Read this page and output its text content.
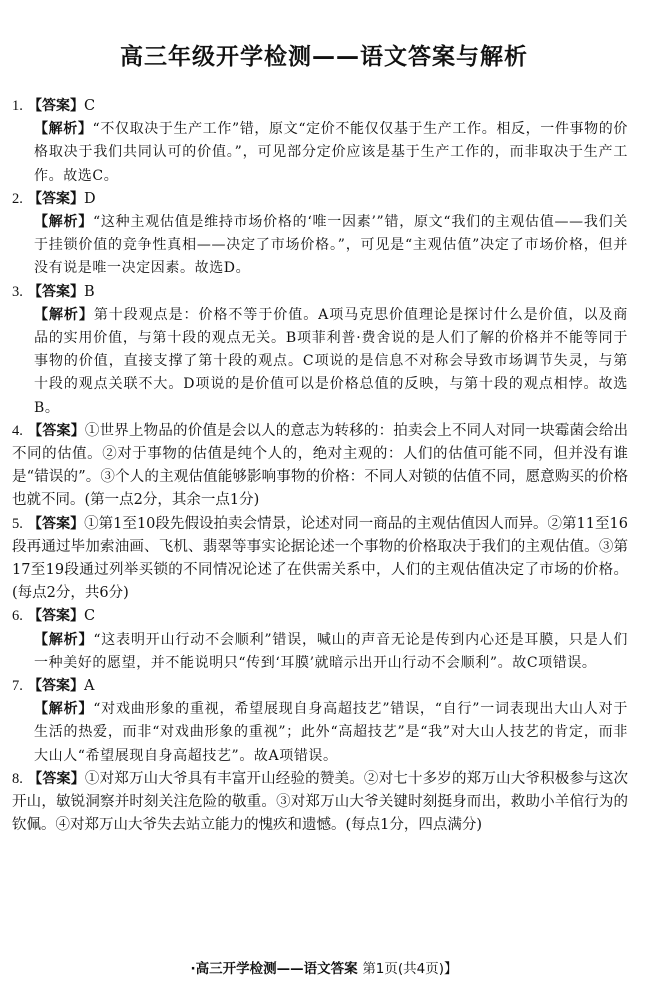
高三年级开学检测——语文答案与解析
1. 【答案】C
【解析】“不仅取决于生产工作”错，原文“定价不能仅仅基于生产工作。相反，一件事物的价格取决于我们共同认可的价值。”，可见部分定价应该是基于生产工作的，而非取决于生产工作。故选C。
2. 【答案】D
【解析】“这种主观估值是维持市场价格的‘唯一因素’”错，原文“我们的主观估值——我们关于挂锁价值的竞争性真相——决定了市场价格。”，可见是“主观估值”决定了市场价格，但并没有说是唯一决定因素。故选D。
3. 【答案】B
【解析】第十段观点是：价格不等于价值。A项马克思价值理论是探讨什么是价值，以及商品的实用价值，与第十段的观点无关。B项菲利普·费舍说的是人们了解的价格并不能等同于事物的价值，直接支撑了第十段的观点。C项说的是信息不对称会导致市场调节失灵，与第十段的观点关联不大。D项说的是价值可以是价格总值的反映，与第十段的观点相悖。故选B。
4. 【答案】①世界上物品的价值是会以人的意志为转移的：拍卖会上不同人对同一块霉菌会给出不同的估值。②对于事物的估值是纯个人的，绝对主观的：人们的估值可能不同，但并没有谁是“错误的”。③个人的主观估值能够影响事物的价格：不同人对锁的估值不同，愿意购买的价格也就不同。(第一点2分，其余一点1分)
5. 【答案】①第1至10段先假设拍卖会情景，论述对同一商品的主观估值因人而异。②第11至16段再通过毕加索油画、飞机、翡翠等事实论据论述一个事物的价格取决于我们的主观估值。③第17至19段通过列举买锁的不同情况论述了在供需关系中，人们的主观估值决定了市场的价格。(每点2分，共6分)
6. 【答案】C
【解析】“这表明开山行动不会顺利”错误，喊山的声音无论是传到内心还是耳膜，只是人们一种美好的愿望，并不能说明只“传到‘耳膜’就暗示出开山行动不会顺利”。故C项错误。
7. 【答案】A
【解析】“对戏曲形象的重视，希望展现自身高超技艺”错误，“自行”一词表现出大山人对于生活的热爱，而非“对戏曲形象的重视”；此外“高超技艺”是“我”对大山人技艺的肯定，而非大山人“希望展现自身高超技艺”。故A项错误。
8. 【答案】①对郑万山大爷具有丰富开山经验的赞美。②对七十多岁的郑万山大爷积极参与这次开山，敏锐洞察并时刻关注危险的敬重。③对郑万山大爷关键时刻挺身而出，救助小羊倌行为的钦佩。④对郑万山大爷失去站立能力的愧疚和遗憾。(每点1分，四点满分)
·高三开学检测——语文答案 第1页(共4页)】
